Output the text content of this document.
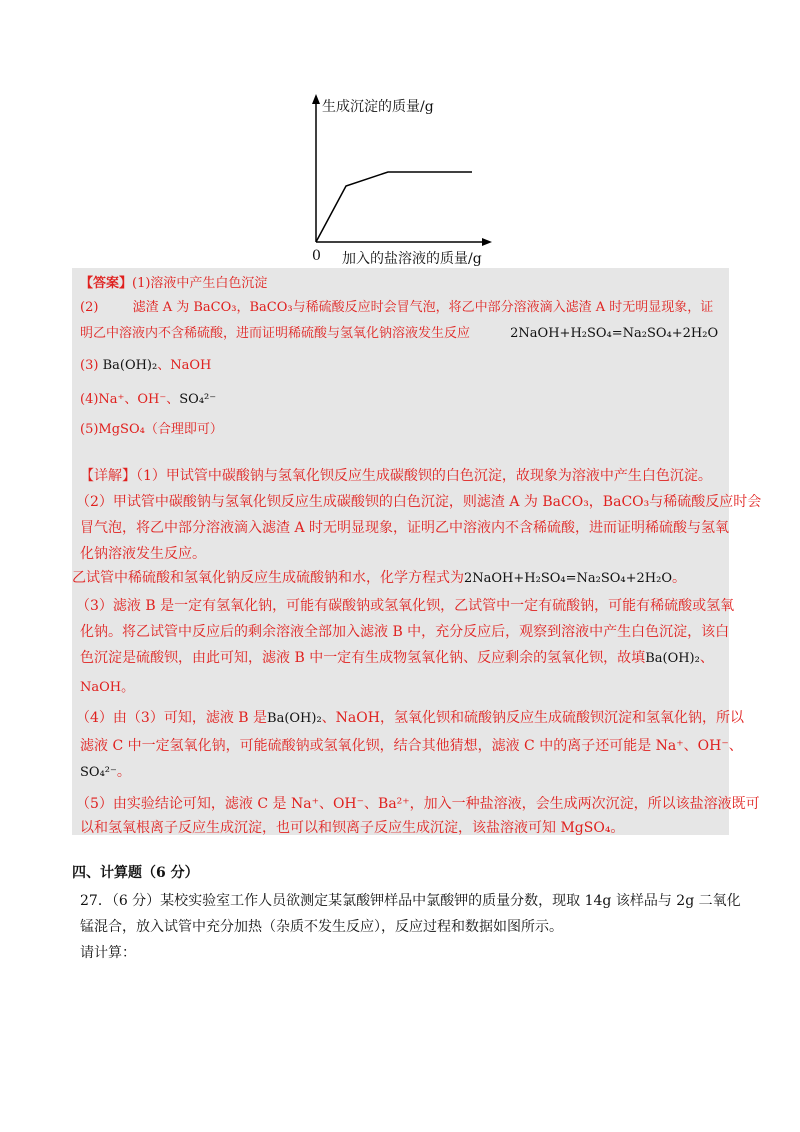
生成沉淀的质量/g
0 加入的盐溶液的质量/g
【答案】(1)溶液中产生白色沉淀
(2)	滤渣 A 为 BaCO₃，BaCO₃与稀硫酸反应时会冒气泡，将乙中部分溶液滴入滤渣 A 时无明显现象，证
明乙中溶液内不含稀硫酸，进而证明稀硫酸与氢氧化钠溶液发生反应	2NaOH+H₂SO₄=Na₂SO₄+2H₂O
(3) Ba(OH)₂、NaOH
(4)Na⁺、OH⁻、SO₄²⁻
(5)MgSO₄（合理即可）
【详解】（1）甲试管中碳酸钠与氢氧化钡反应生成碳酸钡的白色沉淀，故现象为溶液中产生白色沉淀。
（2）甲试管中碳酸钠与氢氧化钡反应生成碳酸钡的白色沉淀，则滤渣 A 为 BaCO₃，BaCO₃与稀硫酸反应时会
冒气泡，将乙中部分溶液滴入滤渣 A 时无明显现象，证明乙中溶液内不含稀硫酸，进而证明稀硫酸与氢氧
化钠溶液发生反应。
乙试管中稀硫酸和氢氧化钠反应生成硫酸钠和水，化学方程式为2NaOH+H₂SO₄=Na₂SO₄+2H₂O。
（3）滤液 B 是一定有氢氧化钠，可能有碳酸钠或氢氧化钡，乙试管中一定有硫酸钠，可能有稀硫酸或氢氧
化钠。将乙试管中反应后的剩余溶液全部加入滤液 B 中，充分反应后，观察到溶液中产生白色沉淀，该白
色沉淀是硫酸钡，由此可知，滤液 B 中一定有生成物氢氧化钠、反应剩余的氢氧化钡，故填Ba(OH)₂、
NaOH。
（4）由（3）可知，滤液 B 是Ba(OH)₂、NaOH，氢氧化钡和硫酸钠反应生成硫酸钡沉淀和氢氧化钠，所以
滤液 C 中一定氢氧化钠，可能硫酸钠或氢氧化钡，结合其他猜想，滤液 C 中的离子还可能是 Na⁺、OH⁻、
SO₄²⁻。
（5）由实验结论可知，滤液 C 是 Na⁺、OH⁻、Ba²⁺，加入一种盐溶液，会生成两次沉淀，所以该盐溶液既可
以和氢氧根离子反应生成沉淀，也可以和钡离子反应生成沉淀，该盐溶液可知 MgSO₄。
四、计算题（6 分）
27．（6 分）某校实验室工作人员欲测定某氯酸钾样品中氯酸钾的质量分数，现取 14g 该样品与 2g 二氧化
锰混合，放入试管中充分加热（杂质不发生反应），反应过程和数据如图所示。
请计算：
